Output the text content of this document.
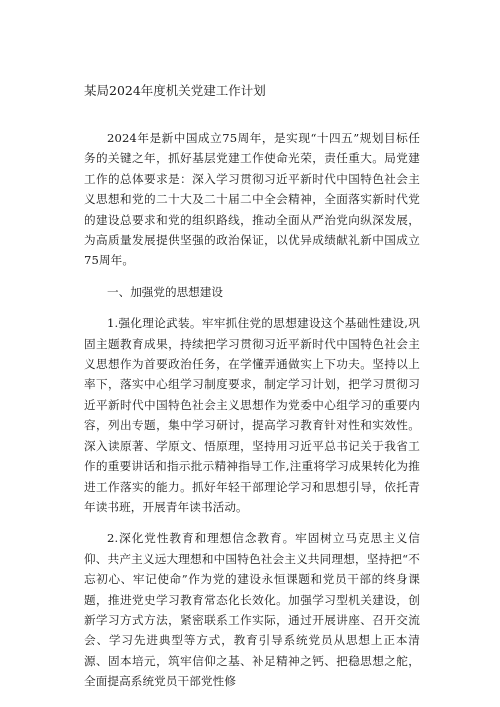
某局2024年度机关党建工作计划

2024年是新中国成立75周年，是实现“十四五”规划目标任务的关键之年，抓好基层党建工作使命光荣，责任重大。局党建工作的总体要求是：深入学习贯彻习近平新时代中国特色社会主义思想和党的二十大及二十届二中全会精神，全面落实新时代党的建设总要求和党的组织路线，推动全面从严治党向纵深发展，为高质量发展提供坚强的政治保证，以优异成绩献礼新中国成立75周年。

一、加强党的思想建设

1.强化理论武装。牢牢抓住党的思想建设这个基础性建设,巩固主题教育成果，持续把学习贯彻习近平新时代中国特色社会主义思想作为首要政治任务，在学懂弄通做实上下功夫。坚持以上率下，落实中心组学习制度要求，制定学习计划，把学习贯彻习近平新时代中国特色社会主义思想作为党委中心组学习的重要内容，列出专题，集中学习研讨，提高学习教育针对性和实效性。深入读原著、学原文、悟原理，坚持用习近平总书记关于我省工作的重要讲话和指示批示精神指导工作,注重将学习成果转化为推进工作落实的能力。抓好年轻干部理论学习和思想引导，依托青年读书班，开展青年读书活动。

2.深化党性教育和理想信念教育。牢固树立马克思主义信仰、共产主义远大理想和中国特色社会主义共同理想，坚持把“不忘初心、牢记使命”作为党的建设永恒课题和党员干部的终身课题，推进党史学习教育常态化长效化。加强学习型机关建设，创新学习方式方法，紧密联系工作实际，通过开展讲座、召开交流会、学习先进典型等方式，教育引导系统党员从思想上正本清源、固本培元，筑牢信仰之基、补足精神之钙、把稳思想之舵，全面提高系统党员干部党性修
